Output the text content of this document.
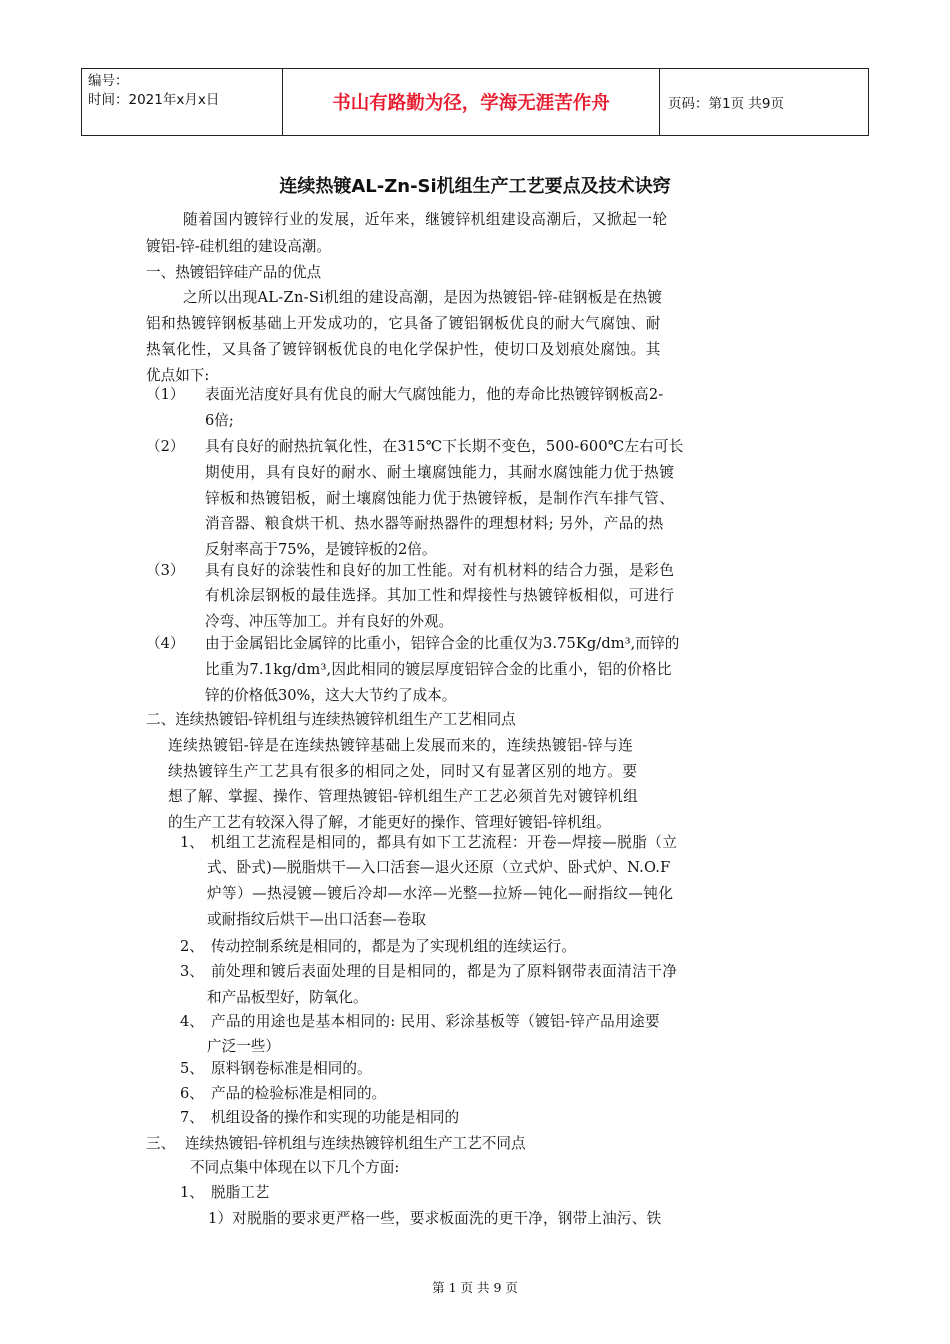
编号：
时间：2021年x月x日	书山有路勤为径，学海无涯苦作舟	页码：第1页 共9页
连续热镀AL-Zn-Si机组生产工艺要点及技术诀窍
随着国内镀锌行业的发展，近年来，继镀锌机组建设高潮后，又掀起一轮
镀铝-锌-硅机组的建设高潮。
一、热镀铝锌硅产品的优点
之所以出现AL-Zn-Si机组的建设高潮，是因为热镀铝-锌-硅钢板是在热镀
铝和热镀锌钢板基础上开发成功的，它具备了镀铝钢板优良的耐大气腐蚀、耐
热氧化性，又具备了镀锌钢板优良的电化学保护性，使切口及划痕处腐蚀。其
优点如下:
（1） 表面光洁度好具有优良的耐大气腐蚀能力，他的寿命比热镀锌钢板高2-
6倍;
（2） 具有良好的耐热抗氧化性，在315℃下长期不变色，500-600℃左右可长
期使用，具有良好的耐水、耐土壤腐蚀能力，其耐水腐蚀能力优于热镀
锌板和热镀铝板，耐土壤腐蚀能力优于热镀锌板，是制作汽车排气管、
消音器、粮食烘干机、热水器等耐热器件的理想材料; 另外，产品的热
反射率高于75%，是镀锌板的2倍。
（3） 具有良好的涂装性和良好的加工性能。对有机材料的结合力强，是彩色
有机涂层钢板的最佳选择。其加工性和焊接性与热镀锌板相似，可进行
冷弯、冲压等加工。并有良好的外观。
（4） 由于金属铝比金属锌的比重小，铝锌合金的比重仅为3.75Kg/dm³,而锌的
比重为7.1kg/dm³,因此相同的镀层厚度铝锌合金的比重小，铝的价格比
锌的价格低30%，这大大节约了成本。
二、连续热镀铝-锌机组与连续热镀锌机组生产工艺相同点
连续热镀铝-锌是在连续热镀锌基础上发展而来的，连续热镀铝-锌与连
续热镀锌生产工艺具有很多的相同之处，同时又有显著区别的地方。要
想了解、掌握、操作、管理热镀铝-锌机组生产工艺必须首先对镀锌机组
的生产工艺有较深入得了解，才能更好的操作、管理好镀铝-锌机组。
1、 机组工艺流程是相同的，都具有如下工艺流程：开卷—焊接—脱脂（立
式、卧式)—脱脂烘干—入口活套—退火还原（立式炉、卧式炉、N.O.F
炉等）—热浸镀—镀后冷却—水淬—光整—拉矫—钝化—耐指纹—钝化
或耐指纹后烘干—出口活套—卷取
2、 传动控制系统是相同的，都是为了实现机组的连续运行。
3、 前处理和镀后表面处理的目是相同的，都是为了原料钢带表面清洁干净
和产品板型好，防氧化。
4、 产品的用途也是基本相同的: 民用、彩涂基板等（镀铝-锌产品用途要
广泛一些）
5、 原料钢卷标准是相同的。
6、 产品的检验标准是相同的。
7、 机组设备的操作和实现的功能是相同的
三、 连续热镀铝-锌机组与连续热镀锌机组生产工艺不同点
不同点集中体现在以下几个方面:
1、 脱脂工艺
1）对脱脂的要求更严格一些，要求板面洗的更干净，钢带上油污、铁
第 1 页 共 9 页
